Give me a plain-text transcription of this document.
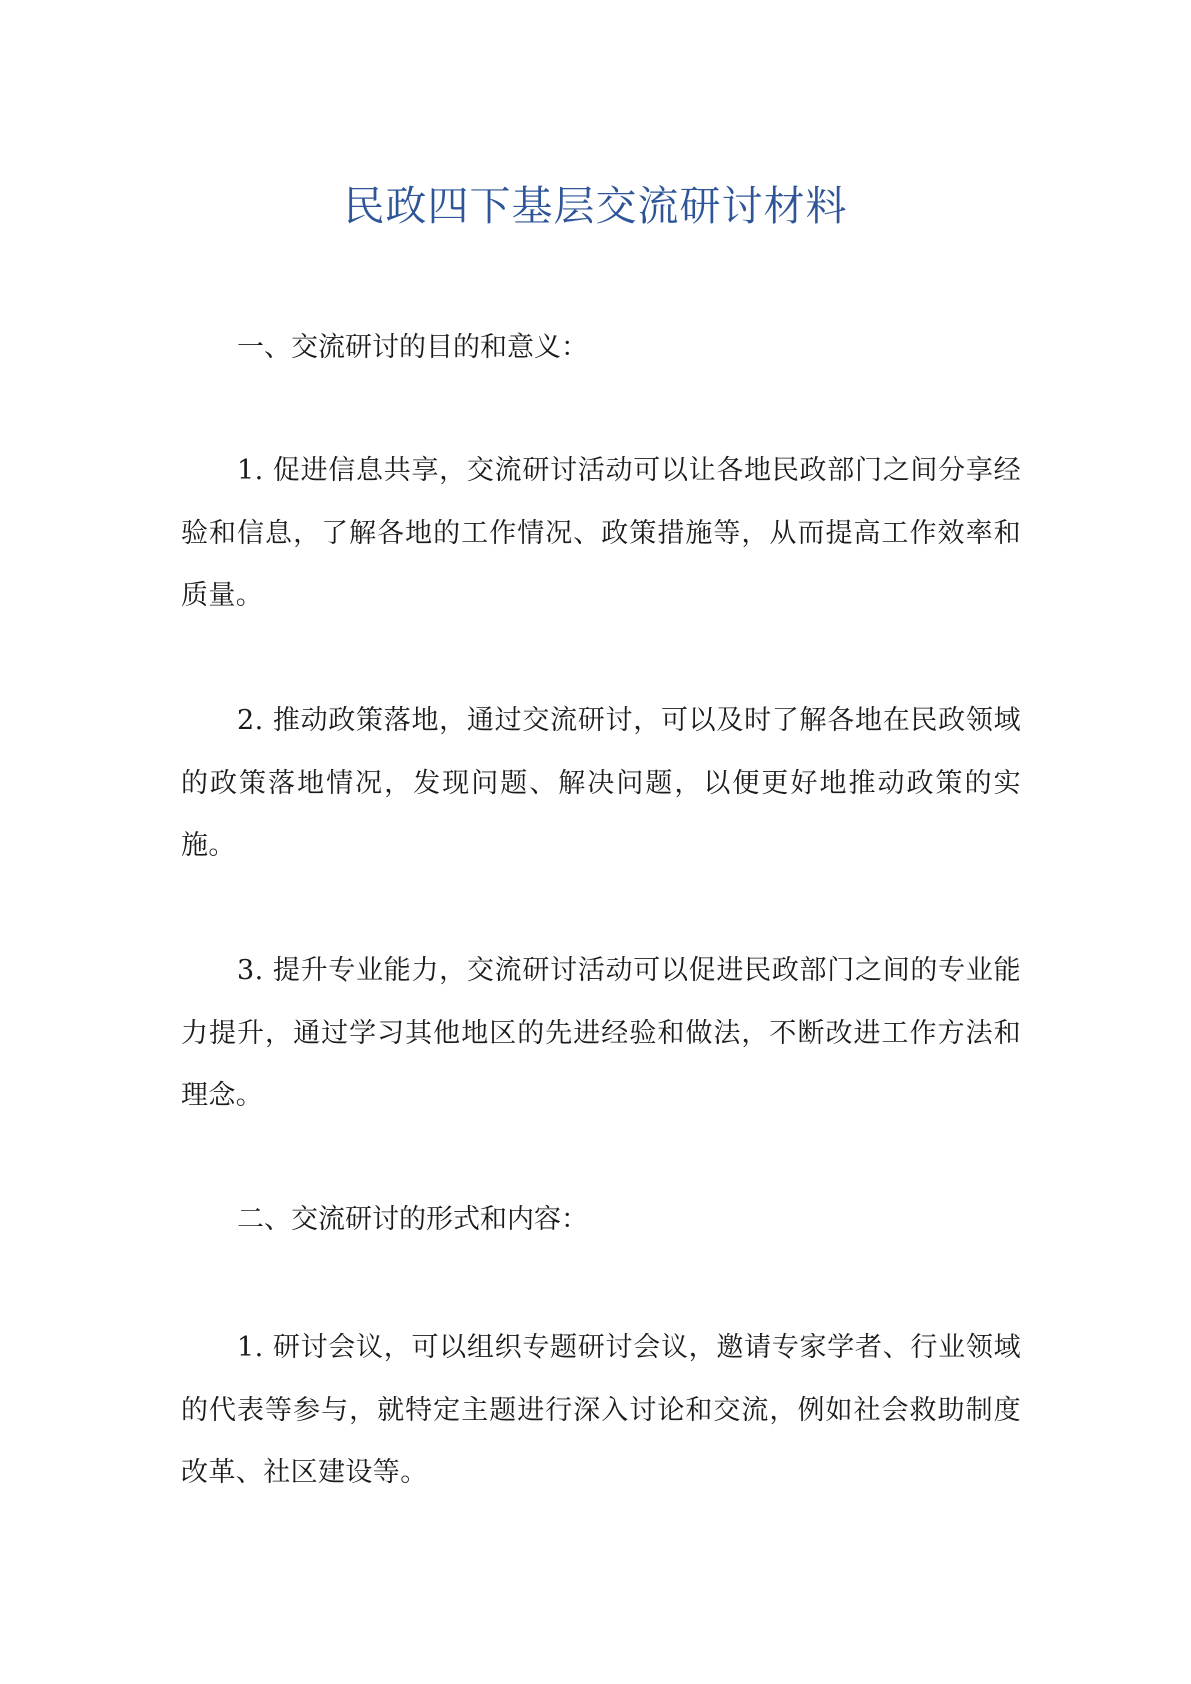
民政四下基层交流研讨材料

一、交流研讨的目的和意义：

1. 促进信息共享，交流研讨活动可以让各地民政部门之间分享经验和信息，了解各地的工作情况、政策措施等，从而提高工作效率和质量。

2. 推动政策落地，通过交流研讨，可以及时了解各地在民政领域的政策落地情况，发现问题、解决问题，以便更好地推动政策的实施。

3. 提升专业能力，交流研讨活动可以促进民政部门之间的专业能力提升，通过学习其他地区的先进经验和做法，不断改进工作方法和理念。

二、交流研讨的形式和内容：

1. 研讨会议，可以组织专题研讨会议，邀请专家学者、行业领域的代表等参与，就特定主题进行深入讨论和交流，例如社会救助制度改革、社区建设等。
